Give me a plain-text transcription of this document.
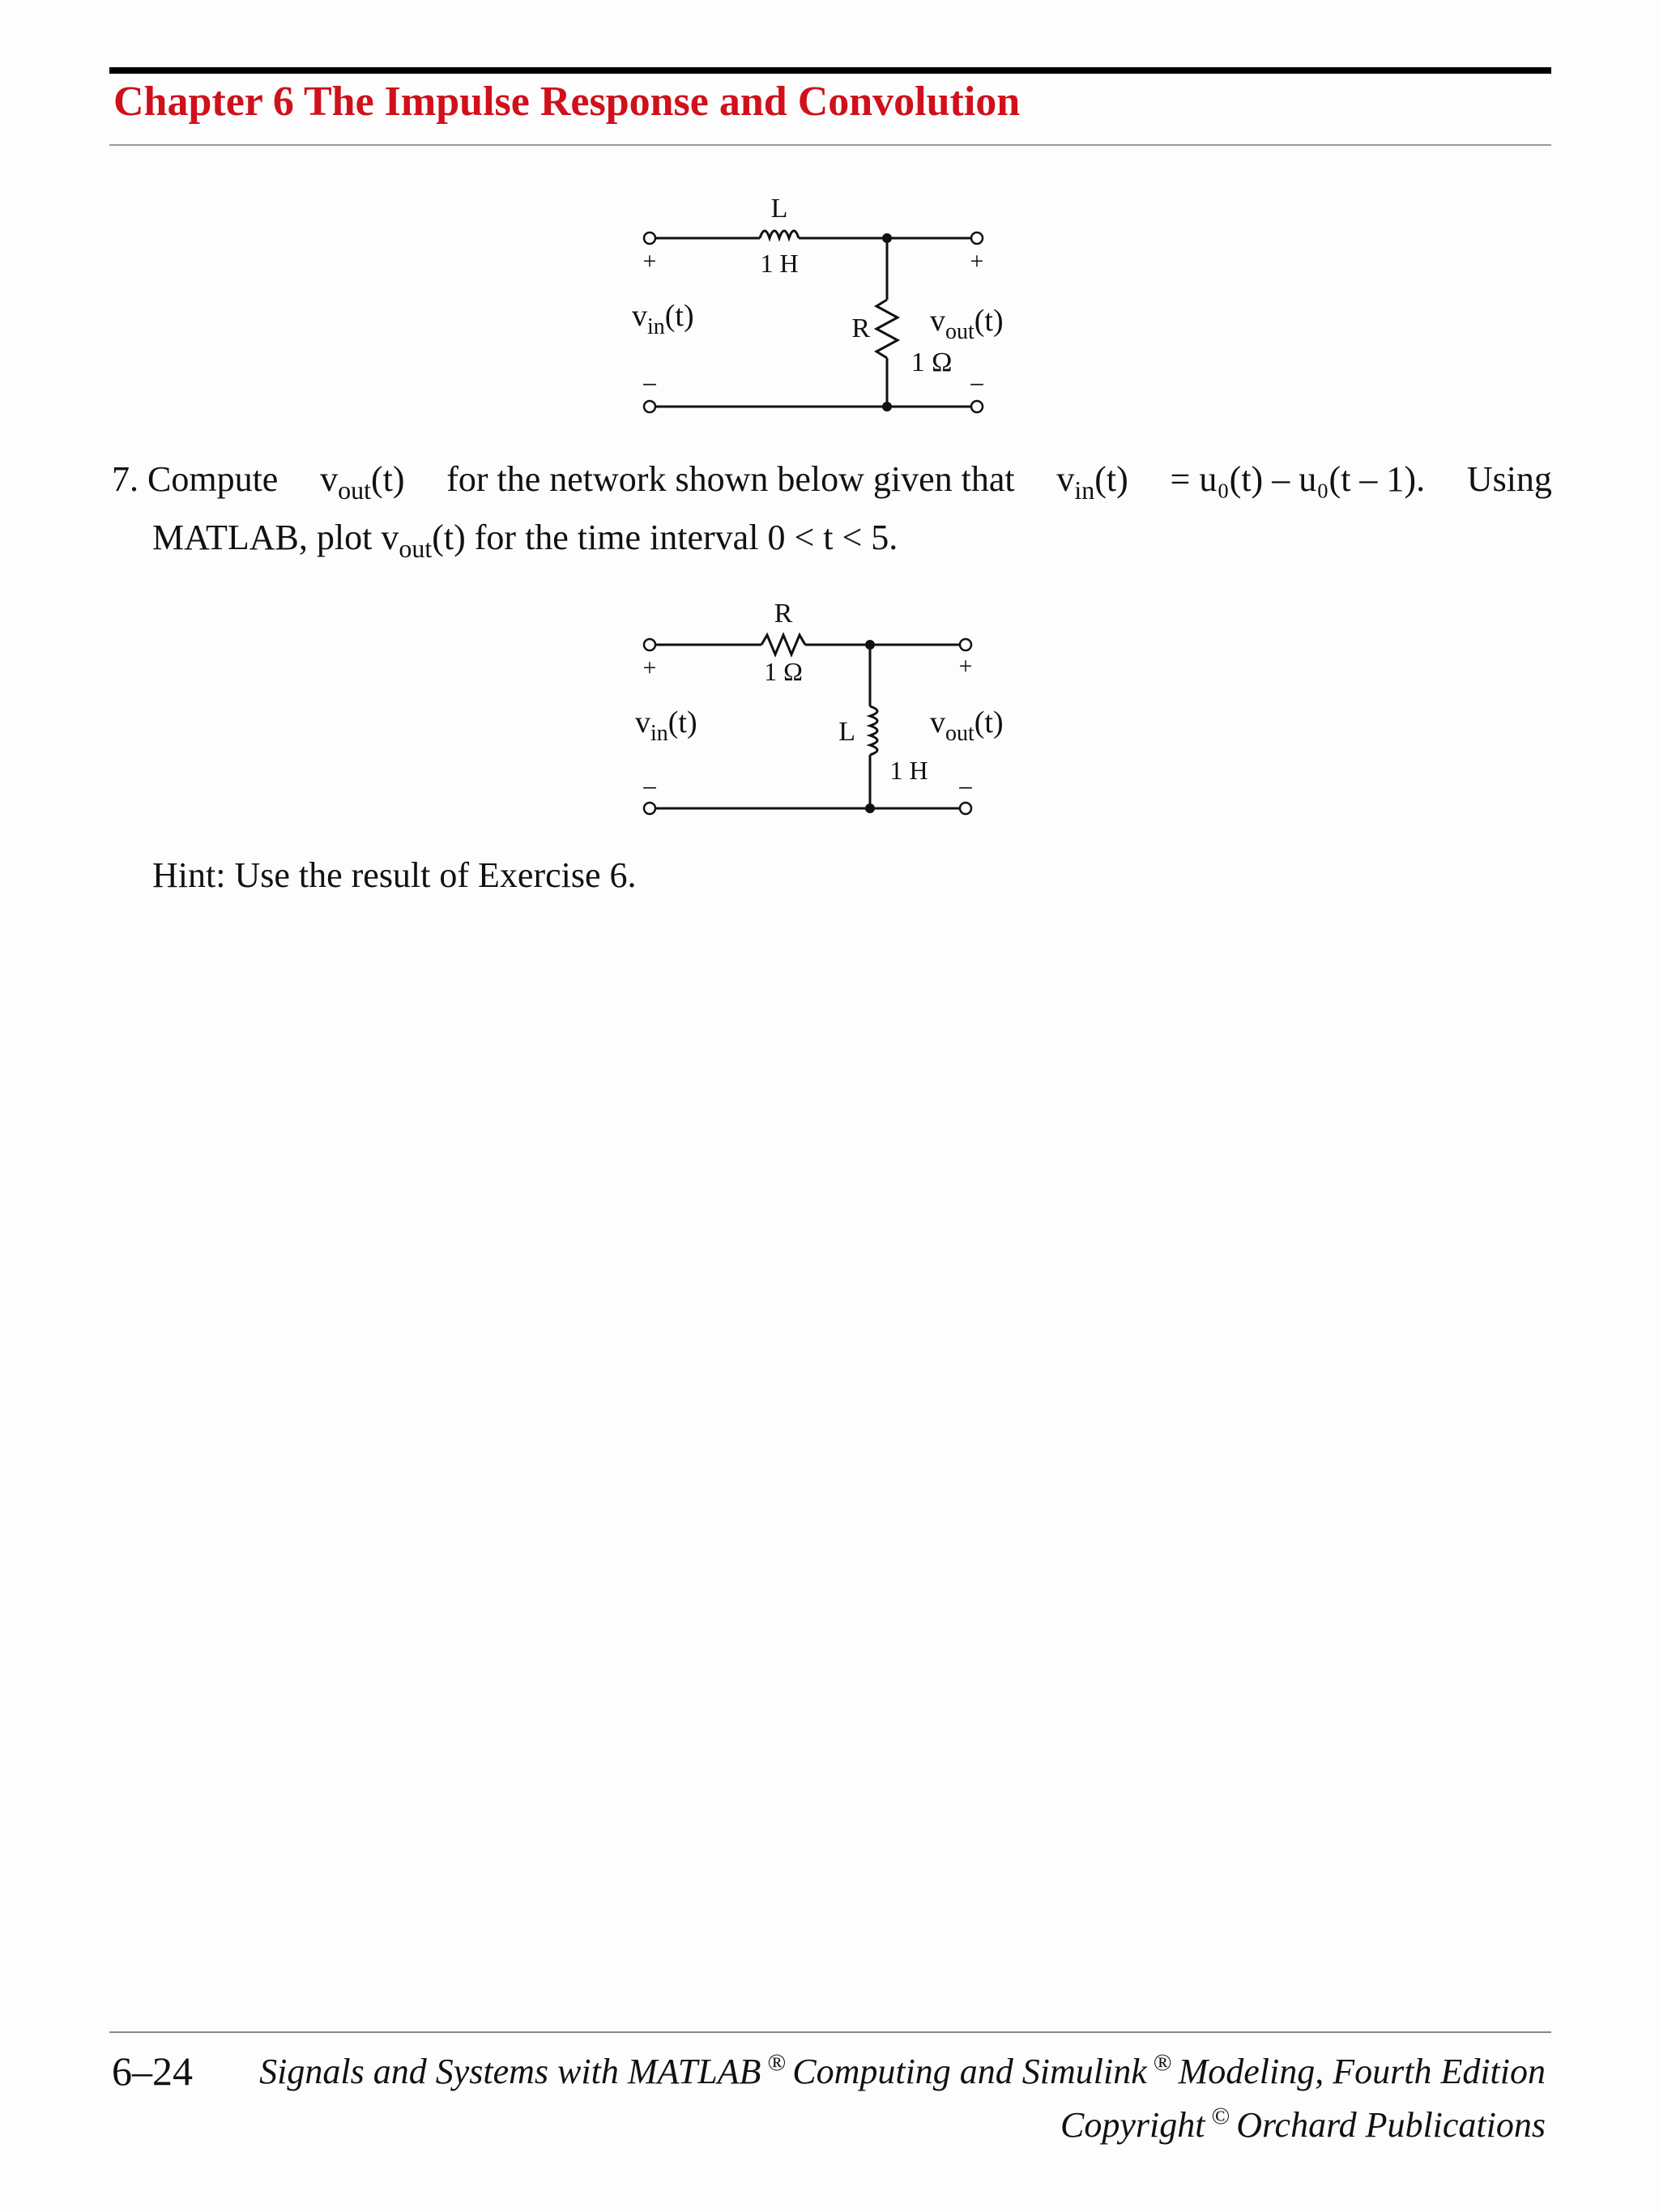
Chapter 6 The Impulse Response and Convolution
L
1 H
+
−
+
−
$v_{in}(t)$	R $v_{out}(t)$
1 Ω
7. Compute $v_{out}(t)$ for the network shown below given that $v_{in}(t) = u_0(t) - u_0(t - 1)$. Using
MATLAB, plot $v_{out}(t)$ for the time interval 0 < t < 5.
R
1 Ω
+
−
+
−
$v_{in}(t)$	L $v_{out}(t)$
1 H
Hint: Use the result of Exercise 6.
6–24 Signals and Systems with MATLAB ® Computing and Simulink ® Modeling, Fourth Edition
Copyright © Orchard Publications
